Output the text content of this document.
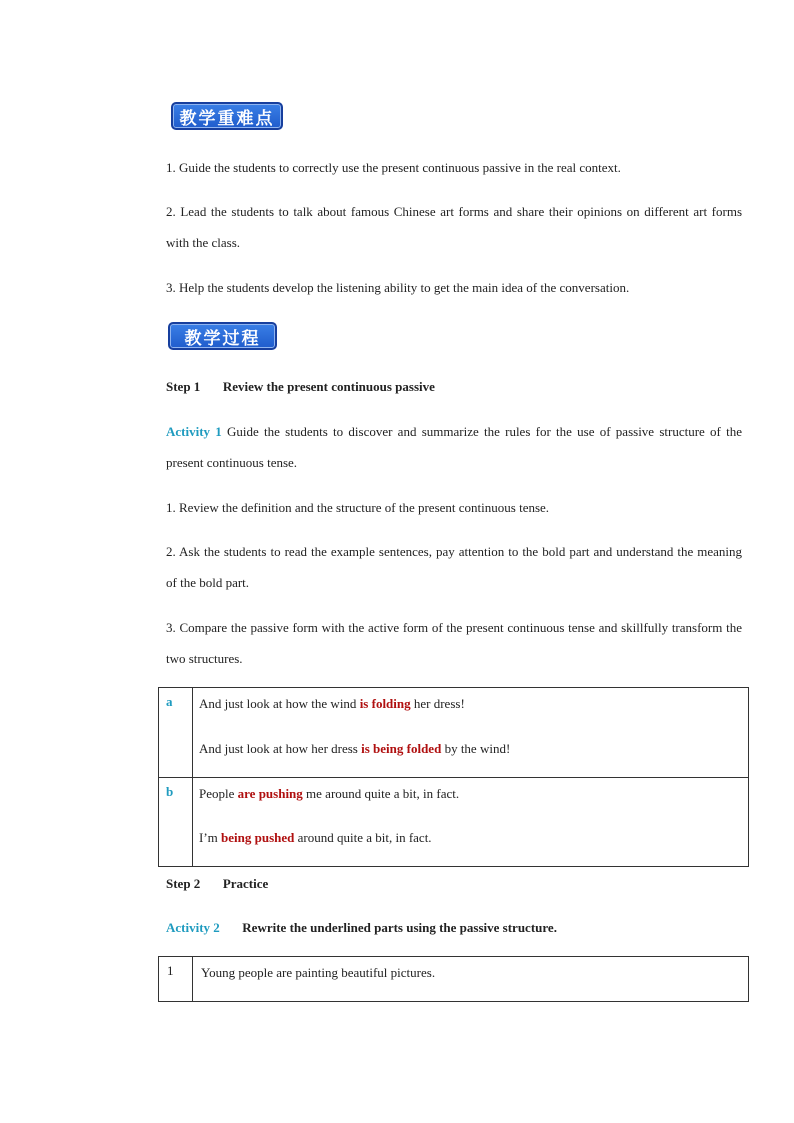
教学重难点

1. Guide the students to correctly use the present continuous passive in the real context.

2. Lead the students to talk about famous Chinese art forms and share their opinions on different art forms with the class.

3. Help the students develop the listening ability to get the main idea of the conversation.

教学过程

Step 1 Review the present continuous passive

Activity 1 Guide the students to discover and summarize the rules for the use of passive structure of the present continuous tense.

1. Review the definition and the structure of the present continuous tense.

2. Ask the students to read the example sentences, pay attention to the bold part and understand the meaning of the bold part.

3. Compare the passive form with the active form of the present continuous tense and skillfully transform the two structures.

a	And just look at how the wind is folding her dress!
And just look at how her dress is being folded by the wind!

b	People are pushing me around quite a bit, in fact.
I’m being pushed around quite a bit, in fact.

Step 2 Practice

Activity 2 Rewrite the underlined parts using the passive structure.

1	Young people are painting beautiful pictures.
